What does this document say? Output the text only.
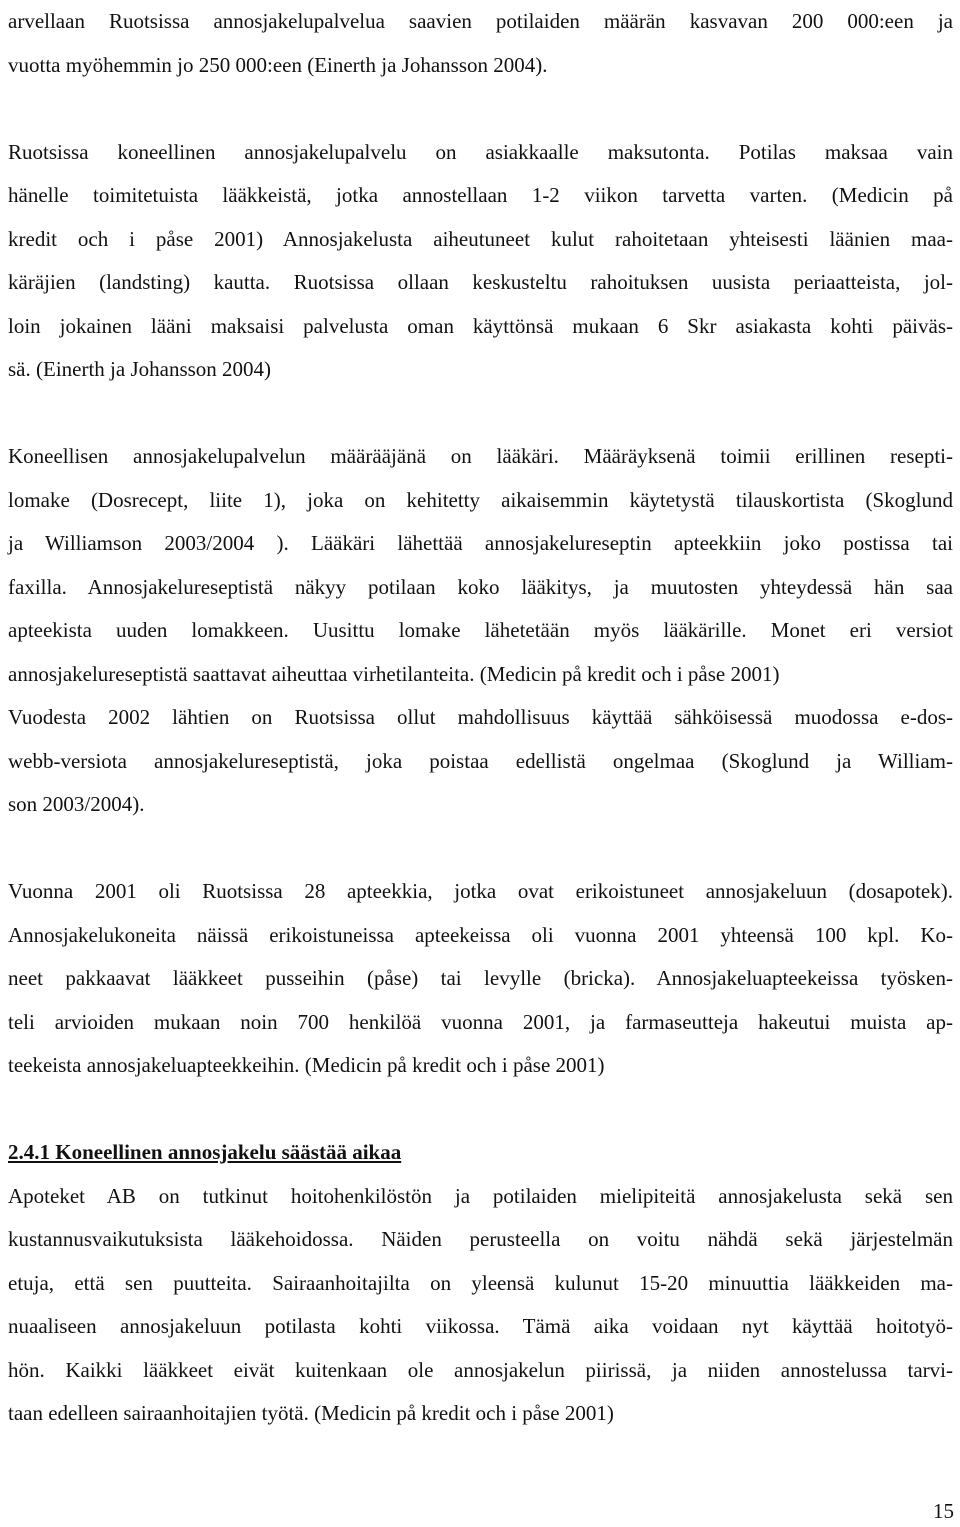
arvellaan Ruotsissa annosjakelupalvelua saavien potilaiden määrän kasvavan 200 000:een ja
vuotta myöhemmin jo 250 000:een (Einerth ja Johansson 2004).
Ruotsissa koneellinen annosjakelupalvelu on asiakkaalle maksutonta. Potilas maksaa vain
hänelle toimitetuista lääkkeistä, jotka annostellaan 1-2 viikon tarvetta varten. (Medicin på
kredit och i påse 2001) Annosjakelusta aiheutuneet kulut rahoitetaan yhteisesti läänien maa-
käräjien (landsting) kautta. Ruotsissa ollaan keskusteltu rahoituksen uusista periaatteista, jol-
loin jokainen lääni maksaisi palvelusta oman käyttönsä mukaan 6 Skr asiakasta kohti päiväs-
sä. (Einerth ja Johansson 2004)
Koneellisen annosjakelupalvelun määrääjänä on lääkäri. Määräyksenä toimii erillinen resepti-
lomake (Dosrecept, liite 1), joka on kehitetty aikaisemmin käytetystä tilauskortista (Skoglund
ja Williamson 2003/2004 ). Lääkäri lähettää annosjakelureseptin apteekkiin joko postissa tai
faxilla. Annosjakelureseptistä näkyy potilaan koko lääkitys, ja muutosten yhteydessä hän saa
apteekista uuden lomakkeen. Uusittu lomake lähetetään myös lääkärille. Monet eri versiot
annosjakelureseptistä saattavat aiheuttaa virhetilanteita. (Medicin på kredit och i påse 2001)
Vuodesta 2002 lähtien on Ruotsissa ollut mahdollisuus käyttää sähköisessä muodossa e-dos-
webb-versiota annosjakelureseptistä, joka poistaa edellistä ongelmaa (Skoglund ja William-
son 2003/2004).
Vuonna 2001 oli Ruotsissa 28 apteekkia, jotka ovat erikoistuneet annosjakeluun (dosapotek).
Annosjakelukoneita näissä erikoistuneissa apteekeissa oli vuonna 2001 yhteensä 100 kpl. Ko-
neet pakkaavat lääkkeet pusseihin (påse) tai levylle (bricka). Annosjakeluapteekeissa työsken-
teli arvioiden mukaan noin 700 henkilöä vuonna 2001, ja farmaseutteja hakeutui muista ap-
teekeista annosjakeluapteekkeihin. (Medicin på kredit och i påse 2001)
2.4.1 Koneellinen annosjakelu säästää aikaa
Apoteket AB on tutkinut hoitohenkilöstön ja potilaiden mielipiteitä annosjakelusta sekä sen
kustannusvaikutuksista lääkehoidossa. Näiden perusteella on voitu nähdä sekä järjestelmän
etuja, että sen puutteita. Sairaanhoitajilta on yleensä kulunut 15-20 minuuttia lääkkeiden ma-
nuaaliseen annosjakeluun potilasta kohti viikossa. Tämä aika voidaan nyt käyttää hoitotyö-
hön. Kaikki lääkkeet eivät kuitenkaan ole annosjakelun piirissä, ja niiden annostelussa tarvi-
taan edelleen sairaanhoitajien työtä. (Medicin på kredit och i påse 2001)
15
